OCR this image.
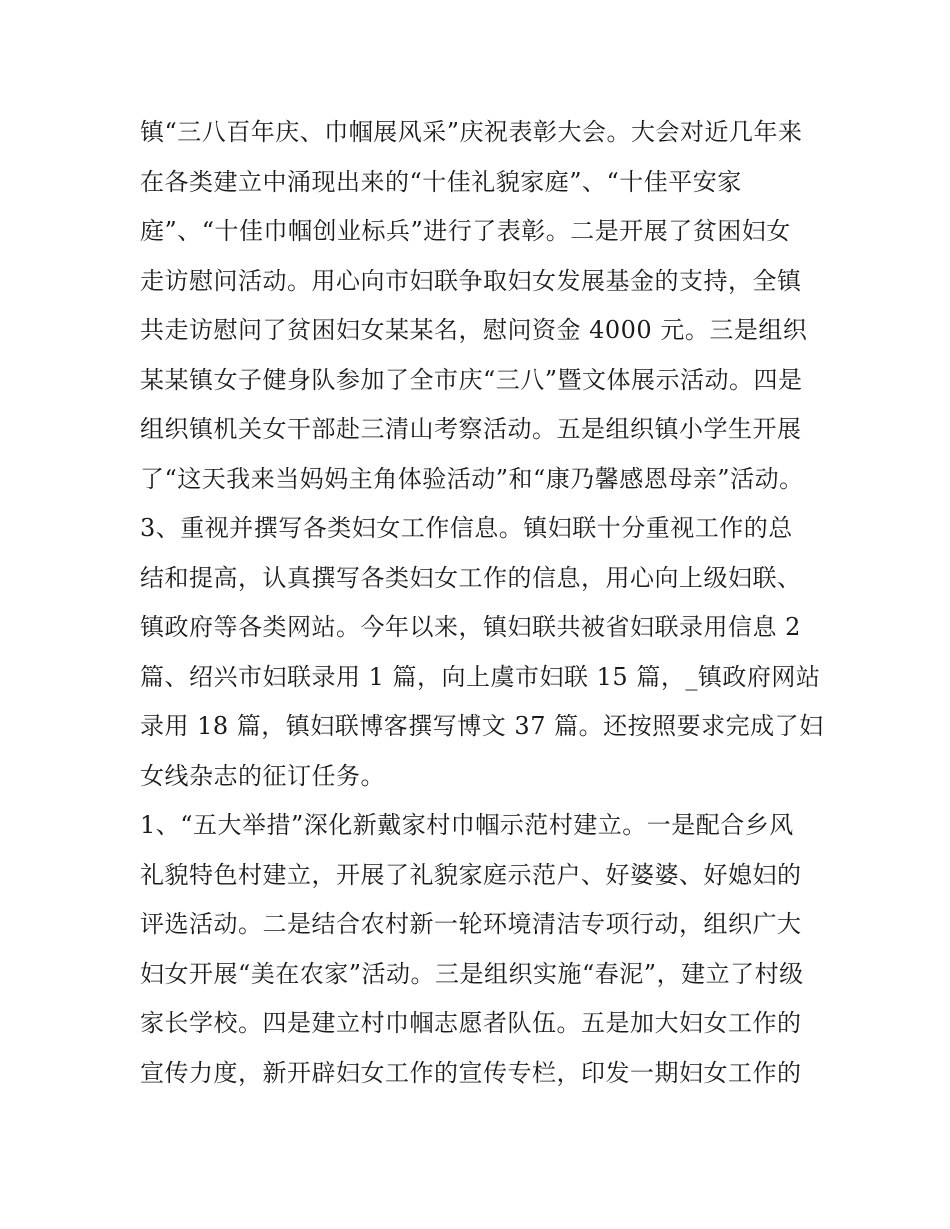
镇“三八百年庆、巾帼展风采”庆祝表彰大会。大会对近几年来
在各类建立中涌现出来的“十佳礼貌家庭”、“十佳平安家
庭”、“十佳巾帼创业标兵”进行了表彰。二是开展了贫困妇女
走访慰问活动。用心向市妇联争取妇女发展基金的支持，全镇
共走访慰问了贫困妇女某某名，慰问资金 4000 元。三是组织
某某镇女子健身队参加了全市庆“三八”暨文体展示活动。四是
组织镇机关女干部赴三清山考察活动。五是组织镇小学生开展
了“这天我来当妈妈主角体验活动”和“康乃馨感恩母亲”活动。
3、重视并撰写各类妇女工作信息。镇妇联十分重视工作的总
结和提高，认真撰写各类妇女工作的信息，用心向上级妇联、
镇政府等各类网站。今年以来，镇妇联共被省妇联录用信息 2
篇、绍兴市妇联录用 1 篇，向上虞市妇联 15 篇，_镇政府网站
录用 18 篇，镇妇联博客撰写博文 37 篇。还按照要求完成了妇
女线杂志的征订任务。
1、“五大举措”深化新戴家村巾帼示范村建立。一是配合乡风
礼貌特色村建立，开展了礼貌家庭示范户、好婆婆、好媳妇的
评选活动。二是结合农村新一轮环境清洁专项行动，组织广大
妇女开展“美在农家”活动。三是组织实施“春泥”，建立了村级
家长学校。四是建立村巾帼志愿者队伍。五是加大妇女工作的
宣传力度，新开辟妇女工作的宣传专栏，印发一期妇女工作的
